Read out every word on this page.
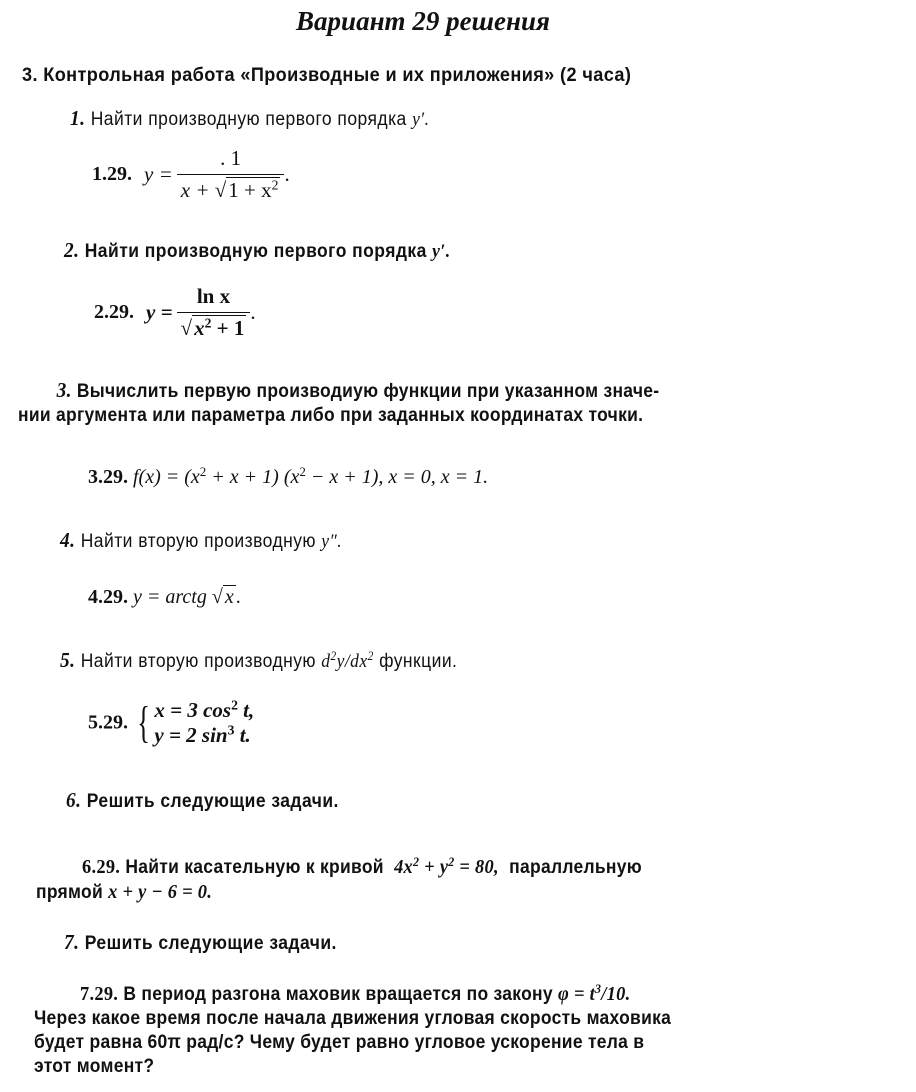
Вариант 29 решения
3. Контрольная работа «Производные и их приложения» (2 часа)
1. Найти производную первого порядка y′.
1.29. $y = \frac{. 1}{x + √1 + x^2}$ .
2. Найти производную первого порядка y′.
2.29. $y = \frac{\text{ln x}}{√x^2 + 1}$ .
3. Вычислить первую производиую функции при указанном значе-
нии аргумента или параметра либо при заданных координатах точки.
3.29. $f(x) = (x^2 + x + 1) (x^2 - x + 1)$, x = 0, x = 1.
4. Найти вторую производную y″.
4.29. y = arctg √ x .
5. Найти вторую производную $d^2y/dx^2$ функции.
5.29. { x = 3 $\cos^2 t$,
y = 2 $\sin^3 t$.
6. Решить следующие задачи.
6.29. Найти касательную к кривой $4x^2 + y^2 = 80$, параллельную
прямой x + y − 6 = 0.
7. Решить следующие задачи.
7.29. В период разгона маховик вращается по закону $\varphi = t^3/10$.
Через какое время после начала движения угловая скорость маховика
будет равна 60π рад/с? Чему будет равно угловое ускорение тела в
этот момент?
